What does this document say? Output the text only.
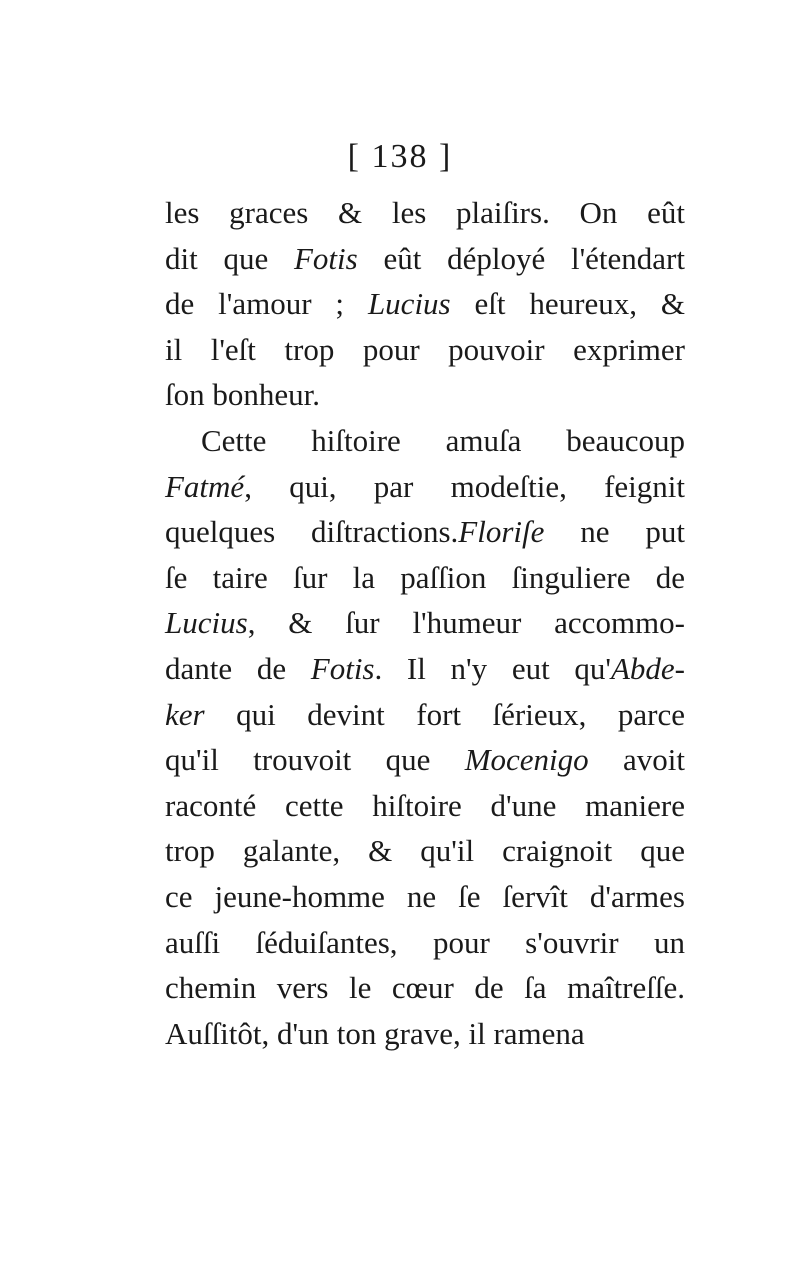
[ 138 ]
les graces & les plaiſirs. On eût
dit que Fotis eût déployé l'étendart
de l'amour ; Lucius eſt heureux, &
il l'eſt trop pour pouvoir exprimer
ſon bonheur.
Cette hiſtoire amuſa beaucoup
Fatmé, qui, par modeſtie, feignit
quelques diſtractions.Floriſe ne put
ſe taire ſur la paſſion ſinguliere de
Lucius, & ſur l'humeur accommo-
dante de Fotis. Il n'y eut qu'Abde-
ker qui devint fort ſérieux, parce
qu'il trouvoit que Mocenigo avoit
raconté cette hiſtoire d'une maniere
trop galante, & qu'il craignoit que
ce jeune-homme ne ſe ſervît d'armes
auſſi ſéduiſantes, pour s'ouvrir un
chemin vers le cœur de ſa maîtreſſe.
Auſſitôt, d'un ton grave, il ramena
